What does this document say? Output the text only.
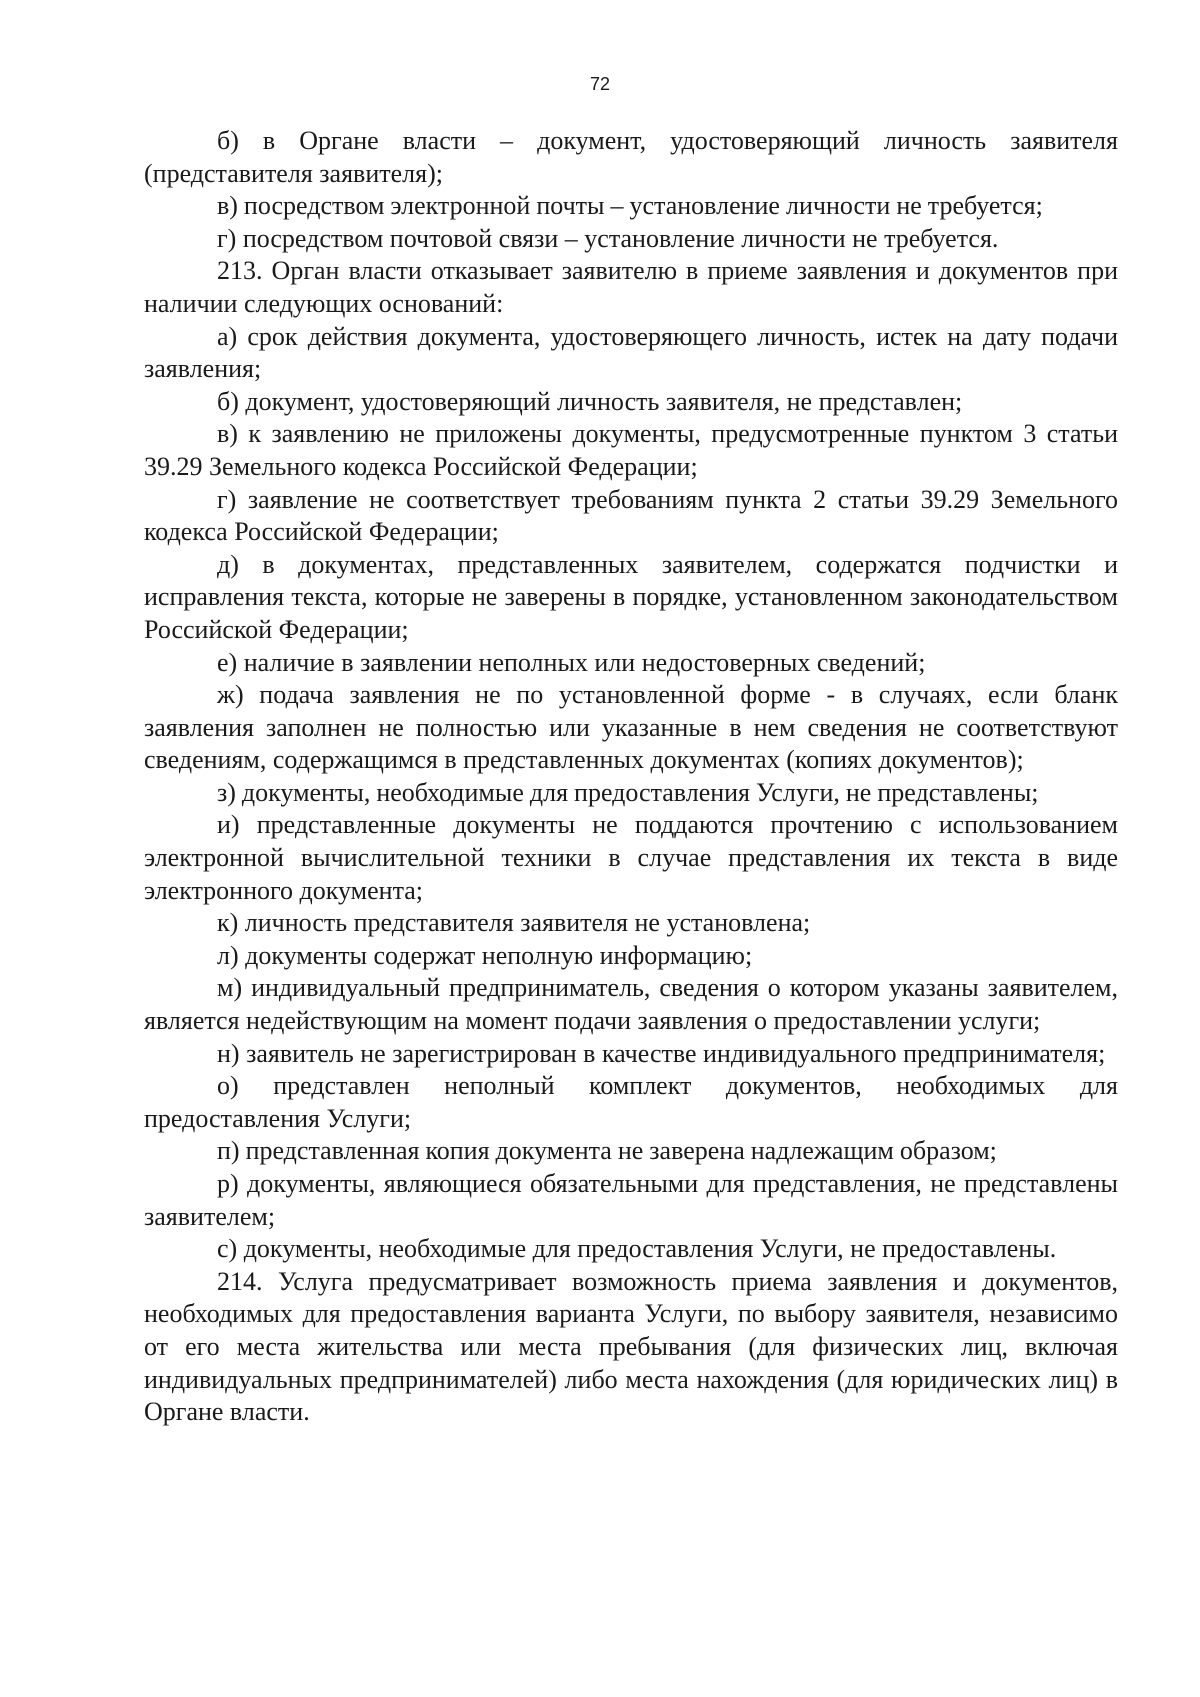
72

б) в Органе власти – документ, удостоверяющий личность заявителя (представителя заявителя);

в) посредством электронной почты – установление личности не требуется;

г) посредством почтовой связи – установление личности не требуется.

213. Орган власти отказывает заявителю в приеме заявления и документов при наличии следующих оснований:

а) срок действия документа, удостоверяющего личность, истек на дату подачи заявления;

б) документ, удостоверяющий личность заявителя, не представлен;

в) к заявлению не приложены документы, предусмотренные пунктом 3 статьи 39.29 Земельного кодекса Российской Федерации;

г) заявление не соответствует требованиям пункта 2 статьи 39.29 Земельного кодекса Российской Федерации;

д) в документах, представленных заявителем, содержатся подчистки и исправления текста, которые не заверены в порядке, установленном законодательством Российской Федерации;

е) наличие в заявлении неполных или недостоверных сведений;

ж) подача заявления не по установленной форме - в случаях, если бланк заявления заполнен не полностью или указанные в нем сведения не соответствуют сведениям, содержащимся в представленных документах (копиях документов);

з) документы, необходимые для предоставления Услуги, не представлены;

и) представленные документы не поддаются прочтению с использованием электронной вычислительной техники в случае представления их текста в виде электронного документа;

к) личность представителя заявителя не установлена;

л) документы содержат неполную информацию;

м) индивидуальный предприниматель, сведения о котором указаны заявителем, является недействующим на момент подачи заявления о предоставлении услуги;

н) заявитель не зарегистрирован в качестве индивидуального предпринимателя;

о) представлен неполный комплект документов, необходимых для предоставления Услуги;

п) представленная копия документа не заверена надлежащим образом;

р) документы, являющиеся обязательными для представления, не представлены заявителем;

с) документы, необходимые для предоставления Услуги, не предоставлены.

214. Услуга предусматривает возможность приема заявления и документов, необходимых для предоставления варианта Услуги, по выбору заявителя, независимо от его места жительства или места пребывания (для физических лиц, включая индивидуальных предпринимателей) либо места нахождения (для юридических лиц) в Органе власти.
